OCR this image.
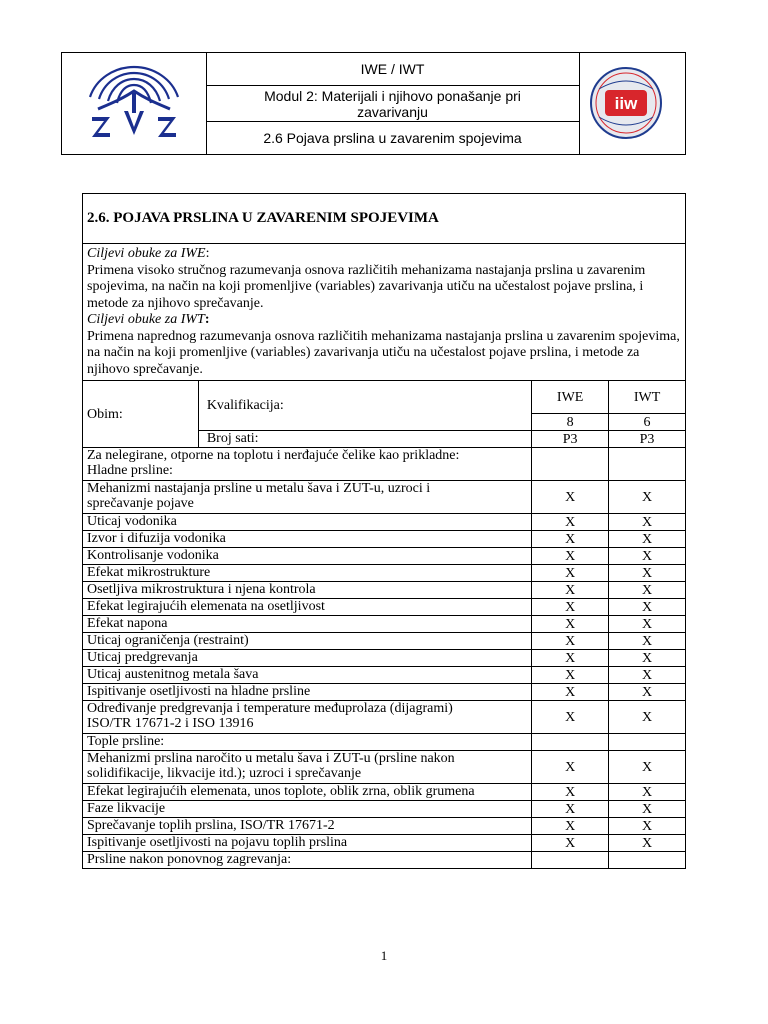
IWE / IWT
Modul 2: Materijali i njihovo ponašanje pri
zavarivanju
2.6 Pojava prslina u zavarenim spojevima
iiw
2.6. POJAVA PRSLINA U ZAVARENIM SPOJEVIMA			

Ciljevi obuke za IWE:
Primena visoko stručnog razumevanja osnova različitih mehanizama nastajanja prslina u zavarenim spojevima, na način na koji promenljive (variables) zavarivanja utiču na učestalost pojave prslina, i metode za njihovo sprečavanje.
Ciljevi obuke za IWT:
Primena naprednog razumevanja osnova različitih mehanizama nastajanja prslina u zavarenim spojevima, na način na koji promenljive (variables) zavarivanja utiču na učestalost pojave prslina, i metode za njihovo sprečavanje.			

Obim:	Kvalifikacija:	IWE	IWT
		8	6
	Broj sati:	P3	P3

Za nelegirane, otporne na toplotu i nerđajuće čelike kao prikladne:
Hladne prsline:			

Mehanizmi nastajanja prsline u metalu šava i ZUT-u, uzroci i
sprečavanje pojave		X	X

Uticaj vodonika		X	X

Izvor i difuzija vodonika		X	X

Kontrolisanje vodonika		X	X

Efekat mikrostrukture		X	X

Osetljiva mikrostruktura i njena kontrola		X	X

Efekat legirajućih elemenata na osetljivost		X	X

Efekat napona		X	X

Uticaj ograničenja (restraint)		X	X

Uticaj predgrevanja		X	X

Uticaj austenitnog metala šava		X	X

Ispitivanje osetljivosti na hladne prsline		X	X

Određivanje predgrevanja i temperature međuprolaza (dijagrami)
ISO/TR 17671-2 i ISO 13916		X	X

Tople prsline:			

Mehanizmi prslina naročito u metalu šava i ZUT-u (prsline nakon
solidifikacije, likvacije itd.); uzroci i sprečavanje		X	X

Efekat legirajućih elemenata, unos toplote, oblik zrna, oblik grumena		X	X

Faze likvacije		X	X

Sprečavanje toplih prslina, ISO/TR 17671-2		X	X

Ispitivanje osetljivosti na pojavu toplih prslina		X	X

Prsline nakon ponovnog zagrevanja:			

1
